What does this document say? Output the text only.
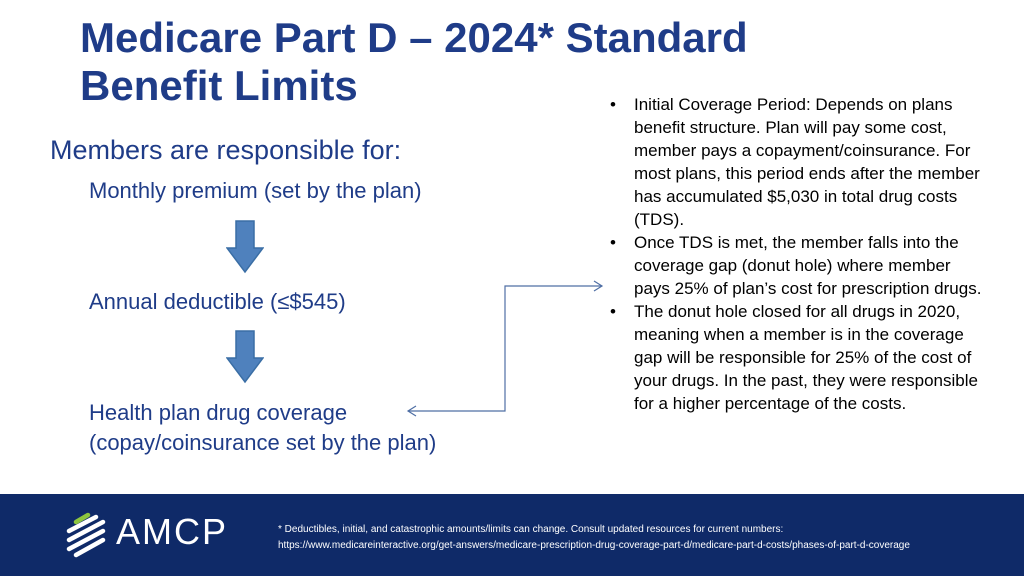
Medicare Part D – 2024* Standard Benefit Limits
Members are responsible for:
Monthly premium (set by the plan)
Annual deductible (≤$545)
Health plan drug coverage
(copay/coinsurance set by the plan)
•	Initial Coverage Period: Depends on plans benefit structure. Plan will pay some cost, member pays a copayment/coinsurance. For most plans, this period ends after the member has accumulated $5,030 in total drug costs (TDS).
•	Once TDS is met, the member falls into the coverage gap (donut hole) where member pays 25% of plan’s cost for prescription drugs.
•	The donut hole closed for all drugs in 2020, meaning when a member is in the coverage gap will be responsible for 25% of the cost of your drugs. In the past, they were responsible for a higher percentage of the costs.
AMCP	* Deductibles, initial, and catastrophic amounts/limits can change. Consult updated resources for current numbers:
https://www.medicareinteractive.org/get-answers/medicare-prescription-drug-coverage-part-d/medicare-part-d-costs/phases-of-part-d-coverage
